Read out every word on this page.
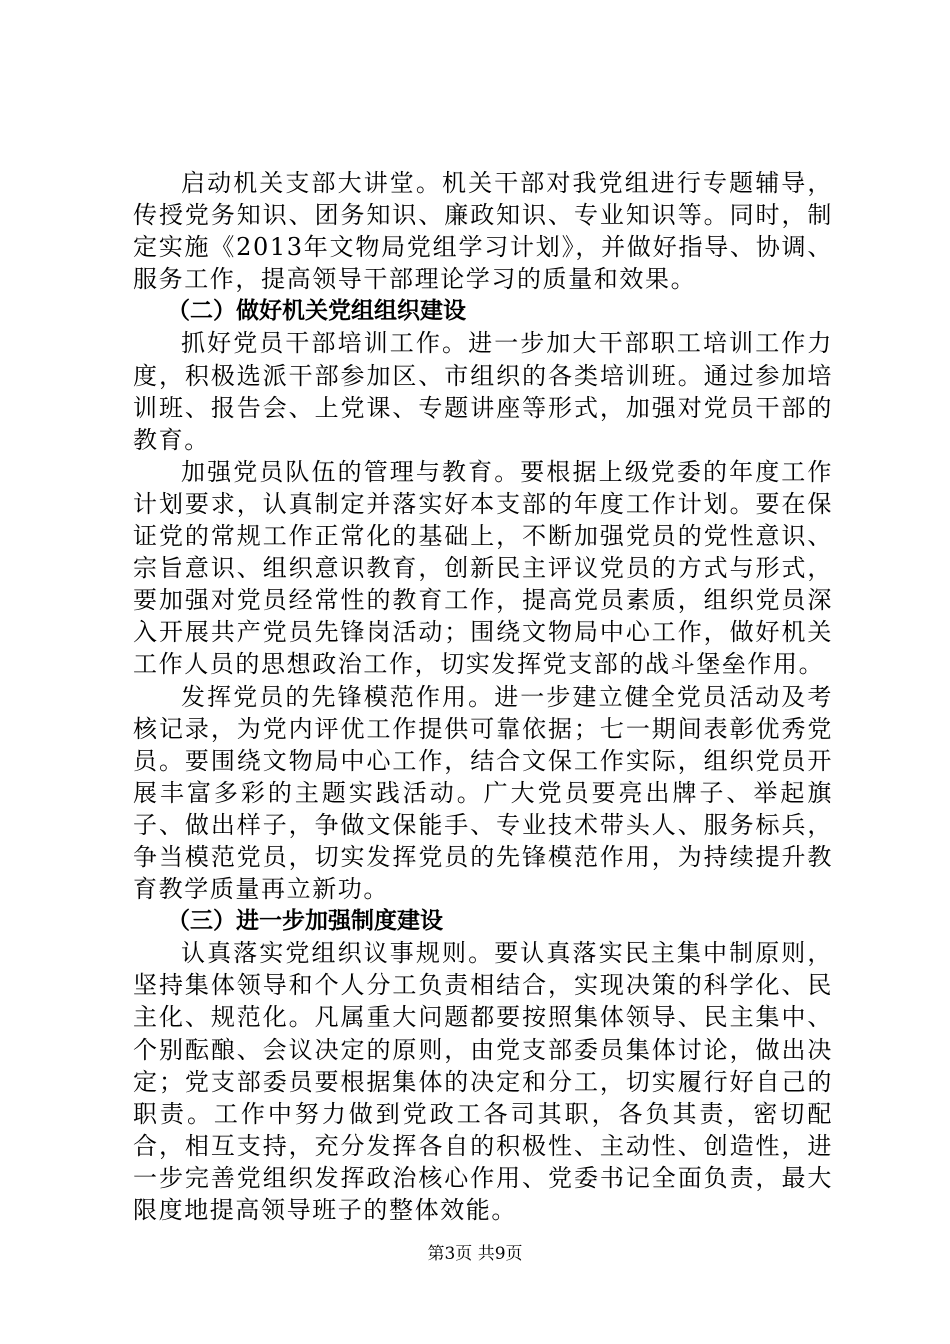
启动机关支部大讲堂。机关干部对我党组进行专题辅导，传授党务知识、团务知识、廉政知识、专业知识等。同时，制定实施《2013年文物局党组学习计划》，并做好指导、协调、服务工作，提高领导干部理论学习的质量和效果。

（二）做好机关党组组织建设

抓好党员干部培训工作。进一步加大干部职工培训工作力度，积极选派干部参加区、市组织的各类培训班。通过参加培训班、报告会、上党课、专题讲座等形式，加强对党员干部的教育。

加强党员队伍的管理与教育。要根据上级党委的年度工作计划要求，认真制定并落实好本支部的年度工作计划。要在保证党的常规工作正常化的基础上，不断加强党员的党性意识、宗旨意识、组织意识教育，创新民主评议党员的方式与形式，要加强对党员经常性的教育工作，提高党员素质，组织党员深入开展共产党员先锋岗活动；围绕文物局中心工作，做好机关工作人员的思想政治工作，切实发挥党支部的战斗堡垒作用。

发挥党员的先锋模范作用。进一步建立健全党员活动及考核记录，为党内评优工作提供可靠依据；七一期间表彰优秀党员。要围绕文物局中心工作，结合文保工作实际，组织党员开展丰富多彩的主题实践活动。广大党员要亮出牌子、举起旗子、做出样子，争做文保能手、专业技术带头人、服务标兵，争当模范党员，切实发挥党员的先锋模范作用，为持续提升教育教学质量再立新功。

（三）进一步加强制度建设

认真落实党组织议事规则。要认真落实民主集中制原则，坚持集体领导和个人分工负责相结合，实现决策的科学化、民主化、规范化。凡属重大问题都要按照集体领导、民主集中、个别酝酿、会议决定的原则，由党支部委员集体讨论，做出决定；党支部委员要根据集体的决定和分工，切实履行好自己的职责。工作中努力做到党政工各司其职，各负其责，密切配合，相互支持，充分发挥各自的积极性、主动性、创造性，进一步完善党组织发挥政治核心作用、党委书记全面负责，最大限度地提高领导班子的整体效能。

第3页 共9页
